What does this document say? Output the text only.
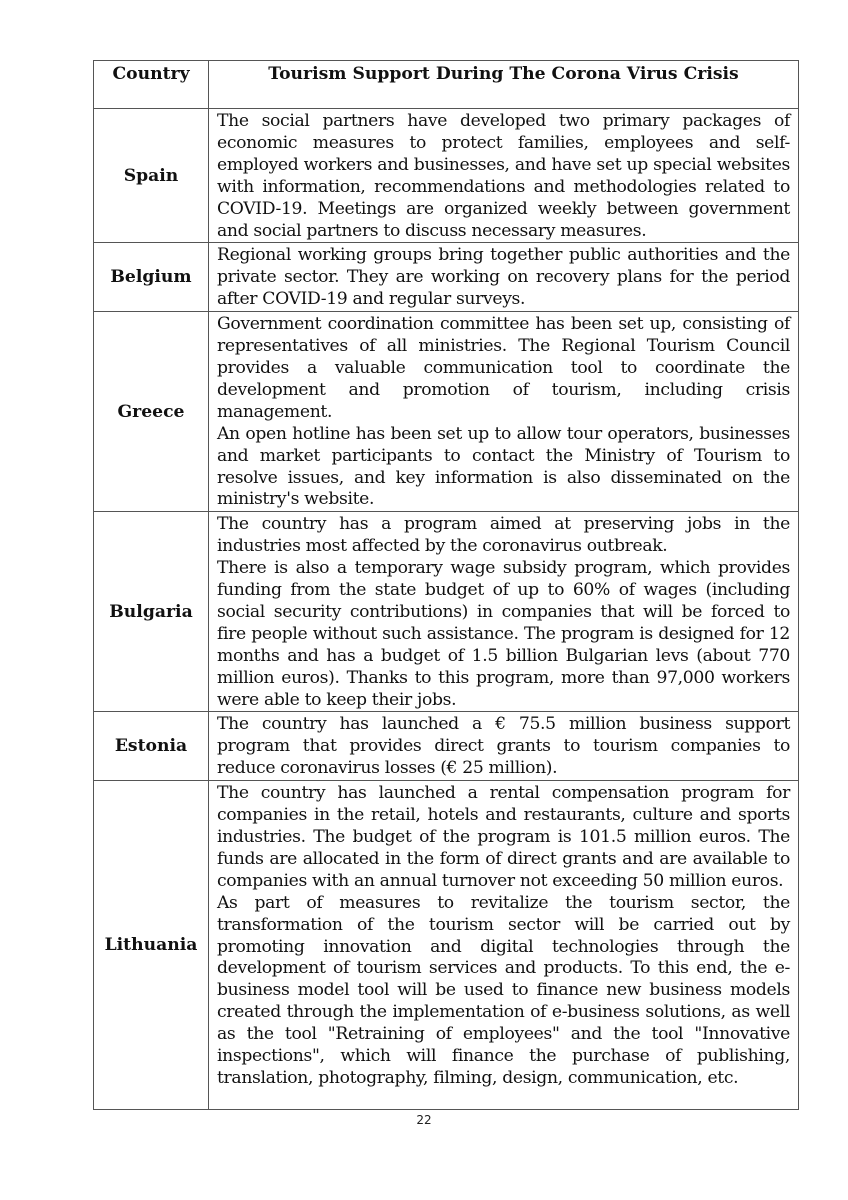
Country	Tourism Support During The Corona Virus Crisis
Spain	The social partners have developed two primary packages of economic measures to protect families, employees and self-employed workers and businesses, and have set up special websites with information, recommendations and methodologies related to COVID-19. Meetings are organized weekly between government and social partners to discuss necessary measures.

Belgium	Regional working groups bring together public authorities and the private sector. They are working on recovery plans for the period after COVID-19 and regular surveys.

Greece	Government coordination committee has been set up, consisting of representatives of all ministries. The Regional Tourism Council provides a valuable communication tool to coordinate the development and promotion of tourism, including crisis management.

An open hotline has been set up to allow tour operators, businesses and market participants to contact the Ministry of Tourism to resolve issues, and key information is also disseminated on the ministry's website.

Bulgaria	The country has a program aimed at preserving jobs in the industries most affected by the coronavirus outbreak.

There is also a temporary wage subsidy program, which provides funding from the state budget of up to 60% of wages (including social security contributions) in companies that will be forced to fire people without such assistance. The program is designed for 12 months and has a budget of 1.5 billion Bulgarian levs (about 770 million euros). Thanks to this program, more than 97,000 workers were able to keep their jobs.

Estonia	The country has launched a € 75.5 million business support program that provides direct grants to tourism companies to reduce coronavirus losses (€ 25 million).

Lithuania	The country has launched a rental compensation program for companies in the retail, hotels and restaurants, culture and sports industries. The budget of the program is 101.5 million euros. The funds are allocated in the form of direct grants and are available to companies with an annual turnover not exceeding 50 million euros.

As part of measures to revitalize the tourism sector, the transformation of the tourism sector will be carried out by promoting innovation and digital technologies through the development of tourism services and products. To this end, the e-business model tool will be used to finance new business models created through the implementation of e-business solutions, as well as the tool "Retraining of employees" and the tool "Innovative inspections", which will finance the purchase of publishing, translation, photography, filming, design, communication, etc.

22
